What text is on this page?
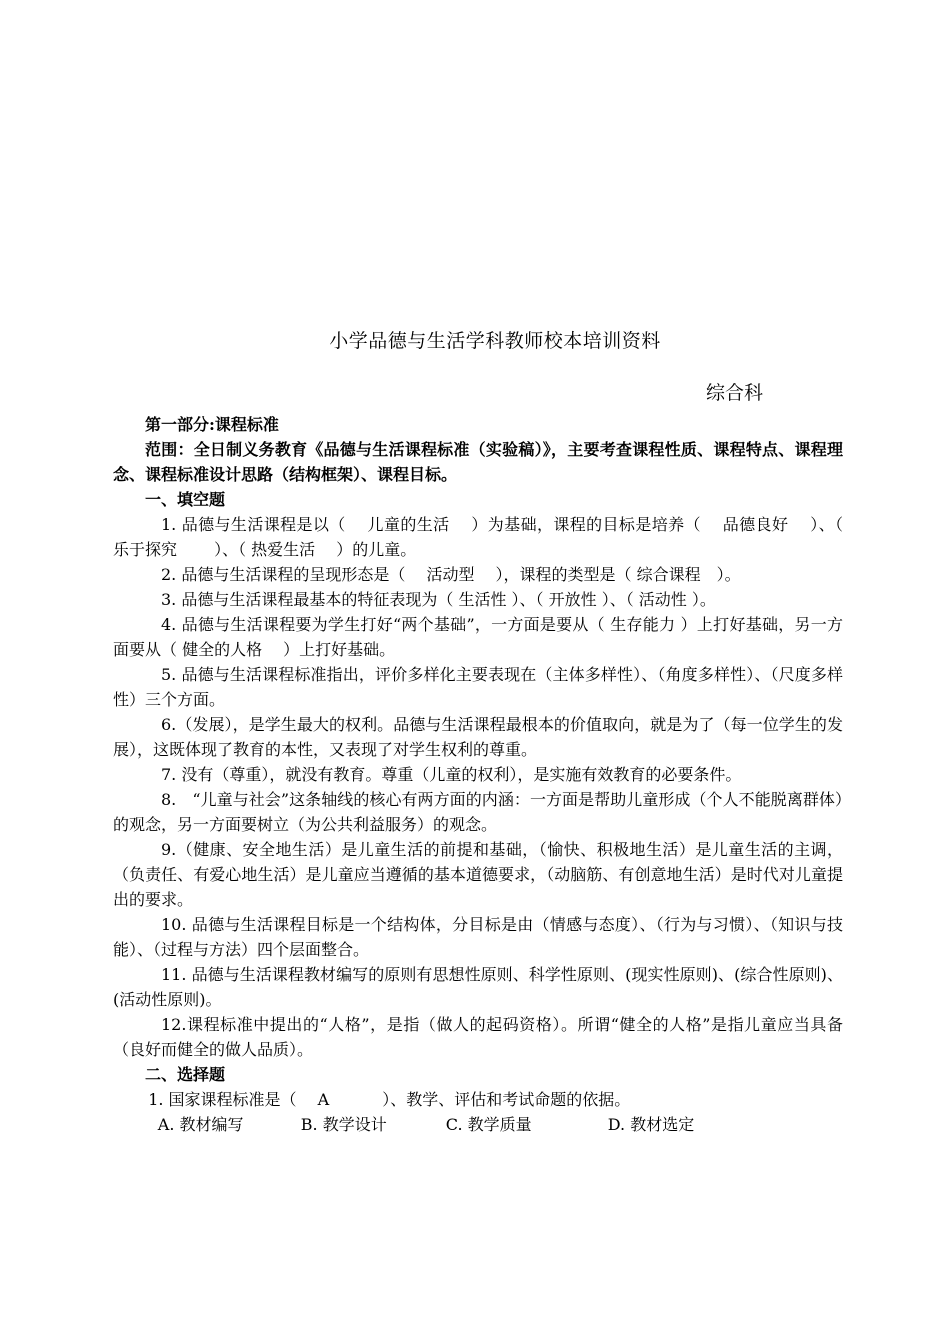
小学品德与生活学科教师校本培训资料
综合科

第一部分:课程标准

范围：全日制义务教育《品德与生活课程标准（实验稿）》，主要考查课程性质、课程特点、课程理念、课程标准设计思路（结构框架）、课程目标。

一、填空题

1. 品德与生活课程是以（　 儿童的生活　 ）为基础，课程的目标是培养（　 品德良好　 ）、（　 乐于探究　　 ）、（ 热爱生活　 ）的儿童。

2. 品德与生活课程的呈现形态是（　 活动型　 ），课程的类型是（ 综合课程　）。

3. 品德与生活课程最基本的特征表现为（ 生活性 ）、（ 开放性 ）、（ 活动性 ）。

4. 品德与生活课程要为学生打好“两个基础”，一方面是要从（ 生存能力 ）上打好基础，另一方面要从（ 健全的人格　 ）上打好基础。

5. 品德与生活课程标准指出，评价多样化主要表现在（主体多样性）、（角度多样性）、（尺度多样性）三个方面。

6.（发展），是学生最大的权利。品德与生活课程最根本的价值取向，就是为了（每一位学生的发展），这既体现了教育的本性，又表现了对学生权利的尊重。

7. 没有（尊重），就没有教育。尊重（儿童的权利），是实施有效教育的必要条件。

8.　“儿童与社会”这条轴线的核心有两方面的内涵：一方面是帮助儿童形成（个人不能脱离群体）的观念，另一方面要树立（为公共利益服务）的观念。

9.（健康、安全地生活）是儿童生活的前提和基础，（愉快、积极地生活）是儿童生活的主调，（负责任、有爱心地生活）是儿童应当遵循的基本道德要求，（动脑筋、有创意地生活）是时代对儿童提出的要求。

10. 品德与生活课程目标是一个结构体，分目标是由（情感与态度）、（行为与习惯）、（知识与技能）、（过程与方法）四个层面整合。

11. 品德与生活课程教材编写的原则有思想性原则、科学性原则、(现实性原则)、(综合性原则)、(活动性原则)。

12.课程标准中提出的“人格”，是指（做人的起码资格）。所谓“健全的人格”是指儿童应当具备（良好而健全的做人品质）。

二、选择题

1. 国家课程标准是（　 A　　　 ）、教学、评估和考试命题的依据。

A. 教材编写	B. 教学设计	C. 教学质量	D. 教材选定
